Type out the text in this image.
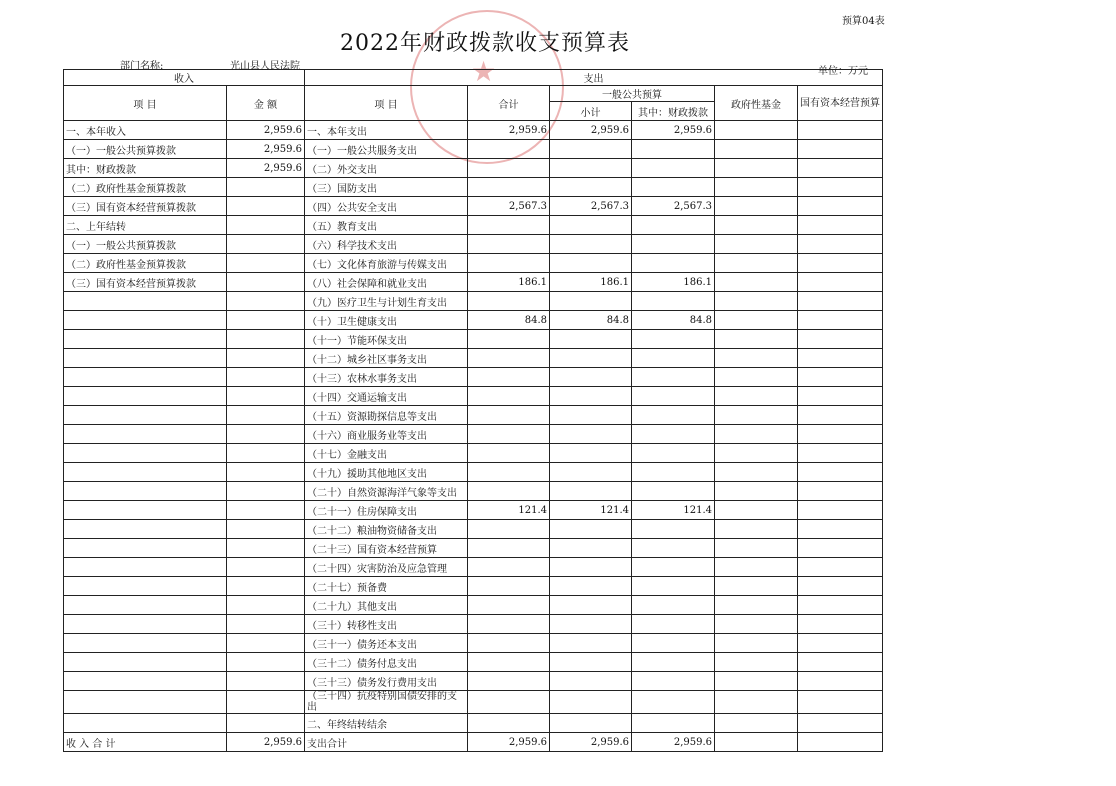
预算04表
★
2022年财政拨款收支预算表
部门名称:	光山县人民法院	单位：万元
收入		支出					
项 目	金 额	项 目	合计	一般公共预算		政府性基金	国有资本经营预算
				小计	其中：财政拨款		
一、本年收入	2,959.6	一、本年支出	2,959.6	2,959.6	2,959.6		
（一）一般公共预算拨款	2,959.6	（一）一般公共服务支出					
其中：财政拨款	2,959.6	（二）外交支出					
（二）政府性基金预算拨款		（三）国防支出					
（三）国有资本经营预算拨款		（四）公共安全支出	2,567.3	2,567.3	2,567.3		
二、上年结转		（五）教育支出					
（一）一般公共预算拨款		（六）科学技术支出					
（二）政府性基金预算拨款		（七）文化体育旅游与传媒支出					
（三）国有资本经营预算拨款		（八）社会保障和就业支出	186.1	186.1	186.1		
		（九）医疗卫生与计划生育支出					
		（十）卫生健康支出	84.8	84.8	84.8		
		（十一）节能环保支出					
		（十二）城乡社区事务支出					
		（十三）农林水事务支出					
		（十四）交通运输支出					
		（十五）资源勘探信息等支出					
		（十六）商业服务业等支出					
		（十七）金融支出					
		（十九）援助其他地区支出					
		（二十）自然资源海洋气象等支出					
		（二十一）住房保障支出	121.4	121.4	121.4		
		（二十二）粮油物资储备支出					
		（二十三）国有资本经营预算					
		（二十四）灾害防治及应急管理					
		（二十七）预备费					
		（二十九）其他支出					
		（三十）转移性支出					
		（三十一）债务还本支出					
		（三十二）债务付息支出					
		（三十三）债务发行费用支出					
		（三十四）抗疫特别国债安排的支出					
		二、年终结转结余					
收 入 合 计	2,959.6	支出合计	2,959.6	2,959.6	2,959.6		
